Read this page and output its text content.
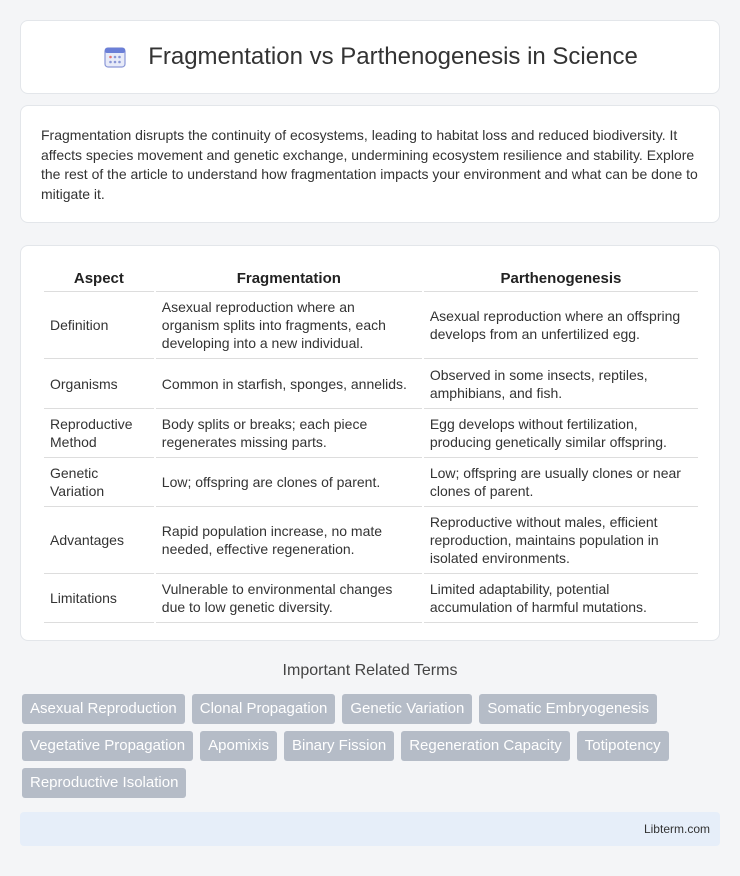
Fragmentation vs Parthenogenesis in Science

Fragmentation disrupts the continuity of ecosystems, leading to habitat loss and reduced biodiversity. It affects species movement and genetic exchange, undermining ecosystem resilience and stability. Explore the rest of the article to understand how fragmentation impacts your environment and what can be done to mitigate it.

Aspect	Fragmentation	Parthenogenesis
Definition	Asexual reproduction where an organism splits into fragments, each developing into a new individual.	Asexual reproduction where an offspring develops from an unfertilized egg.
Organisms	Common in starfish, sponges, annelids.	Observed in some insects, reptiles, amphibians, and fish.
Reproductive Method	Body splits or breaks; each piece regenerates missing parts.	Egg develops without fertilization, producing genetically similar offspring.
Genetic Variation	Low; offspring are clones of parent.	Low; offspring are usually clones or near clones of parent.
Advantages	Rapid population increase, no mate needed, effective regeneration.	Reproductive without males, efficient reproduction, maintains population in isolated environments.
Limitations	Vulnerable to environmental changes due to low genetic diversity.	Limited adaptability, potential accumulation of harmful mutations.
Important Related Terms
Asexual Reproduction	Clonal Propagation	Genetic Variation	Somatic Embryogenesis
Vegetative Propagation	Apomixis	Binary Fission	Regeneration Capacity	Totipotency
Reproductive Isolation
Libterm.com
